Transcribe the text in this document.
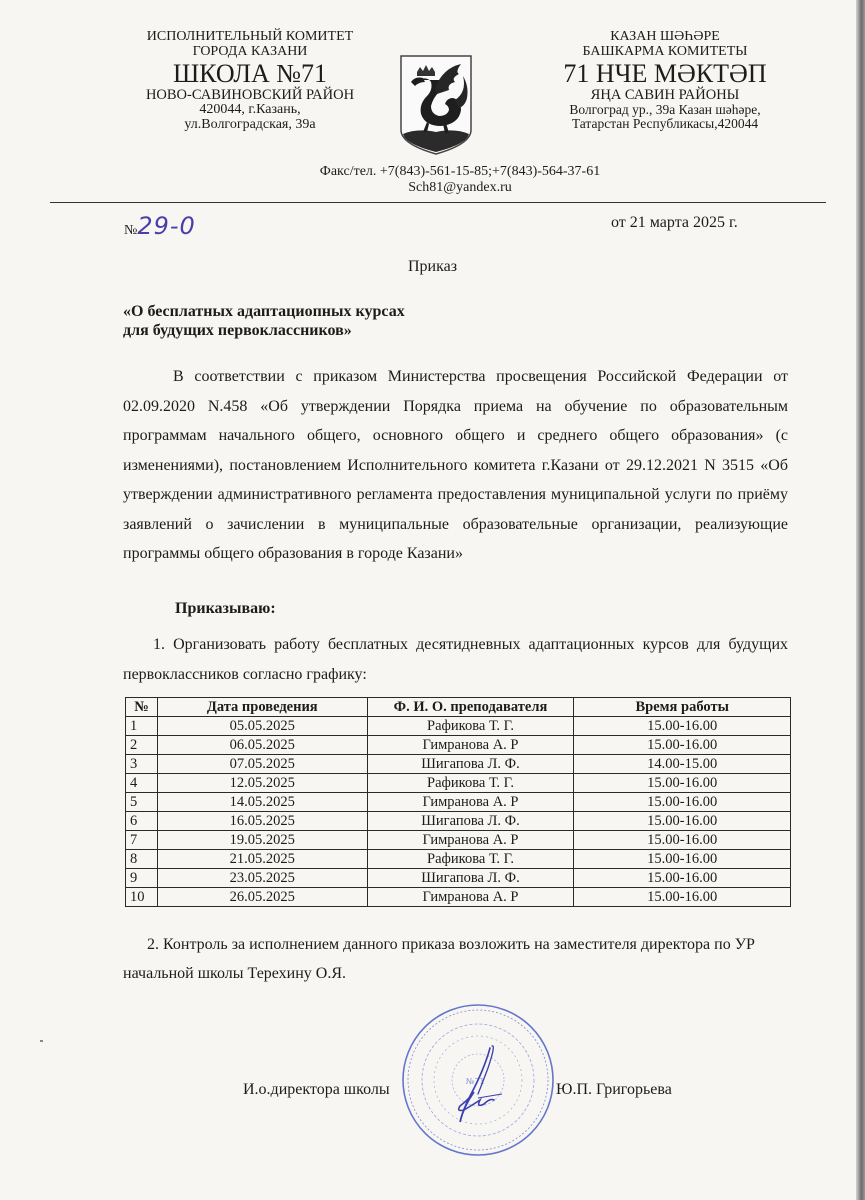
ИСПОЛНИТЕЛЬНЫЙ КОМИТЕТ
ГОРОДА КАЗАНИ
ШКОЛА №71
НОВО-САВИНОВСКИЙ РАЙОН
420044, г.Казань,
ул.Волгоградская, 39а
КАЗАН ШӘҺӘРЕ
БАШКАРМА КОМИТЕТЫ
71 НЧЕ МӘКТӘП
ЯҢА САВИН РАЙОНЫ
Волгоград ур., 39а Казан шәһәре,
Татарстан Республикасы,420044
Факс/тел. +7(843)-561-15-85;+7(843)-564-37-61
Sch81@yandex.ru
№29-0	от 21 марта 2025 г.
Приказ
«О бесплатных адаптациопных курсах
для будущих первоклассников»
В соответствии с приказом Министерства просвещения Российской Федерации от 02.09.2020 N.458 «Об утверждении Порядка приема на обучение по образовательным программам начального общего, основного общего и среднего общего образования» (с изменениями), постановлением Исполнительного комитета г.Казани от 29.12.2021 N 3515 «Об утверждении административного регламента предоставления муниципальной услуги по приёму заявлений о зачислении в муниципальные образовательные организации, реализующие программы общего образования в городе Казани»
Приказываю:
1. Организовать работу бесплатных десятидневных адаптационных курсов для будущих первоклассников согласно графику:
№	Дата проведения	Ф. И. О. преподавателя	Время работы
1	05.05.2025	Рафикова Т. Г.	15.00-16.00
2	06.05.2025	Гимранова А. Р	15.00-16.00
3	07.05.2025	Шигапова Л. Ф.	14.00-15.00
4	12.05.2025	Рафикова Т. Г.	15.00-16.00
5	14.05.2025	Гимранова А. Р	15.00-16.00
6	16.05.2025	Шигапова Л. Ф.	15.00-16.00
7	19.05.2025	Гимранова А. Р	15.00-16.00
8	21.05.2025	Рафикова Т. Г.	15.00-16.00
9	23.05.2025	Шигапова Л. Ф.	15.00-16.00
10	26.05.2025	Гимранова А. Р	15.00-16.00
2. Контроль за исполнением данного приказа возложить на заместителя директора по УР начальной школы Терехину О.Я.
№71
И.о.директора школы	Ю.П. Григорьева
